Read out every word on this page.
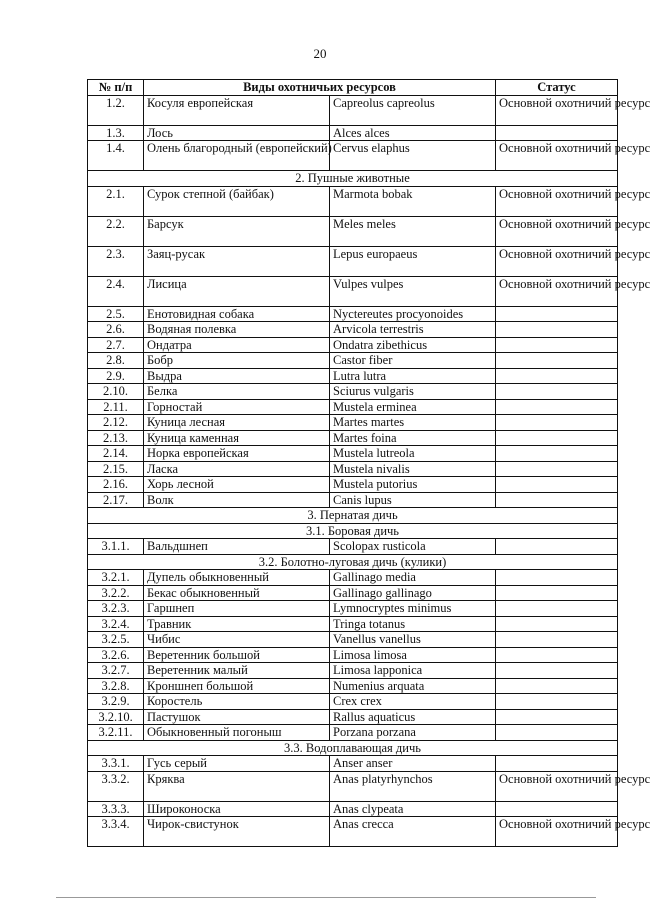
20
№ п/п	Виды охотничьих ресурсов		Статус
1.2.	Косуля европейская	Capreolus capreolus	Основной охотничий ресурс
1.3.	Лось	Alces alces	
1.4.	Олень благородный (европейский)	Cervus elaphus	Основной охотничий ресурс
2. Пушные животные			
2.1.	Сурок степной (байбак)	Marmota bobak	Основной охотничий ресурс
2.2.	Барсук	Meles meles	Основной охотничий ресурс
2.3.	Заяц-русак	Lepus europaeus	Основной охотничий ресурс
2.4.	Лисица	Vulpes vulpes	Основной охотничий ресурс
2.5.	Енотовидная собака	Nyctereutes procyonoides	
2.6.	Водяная полевка	Arvicola terrestris	
2.7.	Ондатра	Ondatra zibethicus	
2.8.	Бобр	Castor fiber	
2.9.	Выдра	Lutra lutra	
2.10.	Белка	Sciurus vulgaris	
2.11.	Горностай	Mustela erminea	
2.12.	Куница лесная	Martes martes	
2.13.	Куница каменная	Martes foina	
2.14.	Норка европейская	Mustela lutreola	
2.15.	Ласка	Mustela nivalis	
2.16.	Хорь лесной	Mustela putorius	
2.17.	Волк	Canis lupus	
3. Пернатая дичь			
3.1. Боровая дичь			
3.1.1.	Вальдшнеп	Scolopax rusticola	
3.2. Болотно-луговая дичь (кулики)			
3.2.1.	Дупель обыкновенный	Gallinago media	
3.2.2.	Бекас обыкновенный	Gallinago gallinago	
3.2.3.	Гаршнеп	Lymnocryptes minimus	
3.2.4.	Травник	Tringa totanus	
3.2.5.	Чибис	Vanellus vanellus	
3.2.6.	Веретенник большой	Limosa limosa	
3.2.7.	Веретенник малый	Limosa lapponica	
3.2.8.	Кроншнеп большой	Numenius arquata	
3.2.9.	Коростель	Crex crex	
3.2.10.	Пастушок	Rallus aquaticus	
3.2.11.	Обыкновенный погоныш	Porzana porzana	
3.3. Водоплавающая дичь			
3.3.1.	Гусь серый	Anser anser	
3.3.2.	Кряква	Anas platyrhynchos	Основной охотничий ресурс
3.3.3.	Широконоска	Anas clypeata	
3.3.4.	Чирок-свистунок	Anas crecca	Основной охотничий ресурс
